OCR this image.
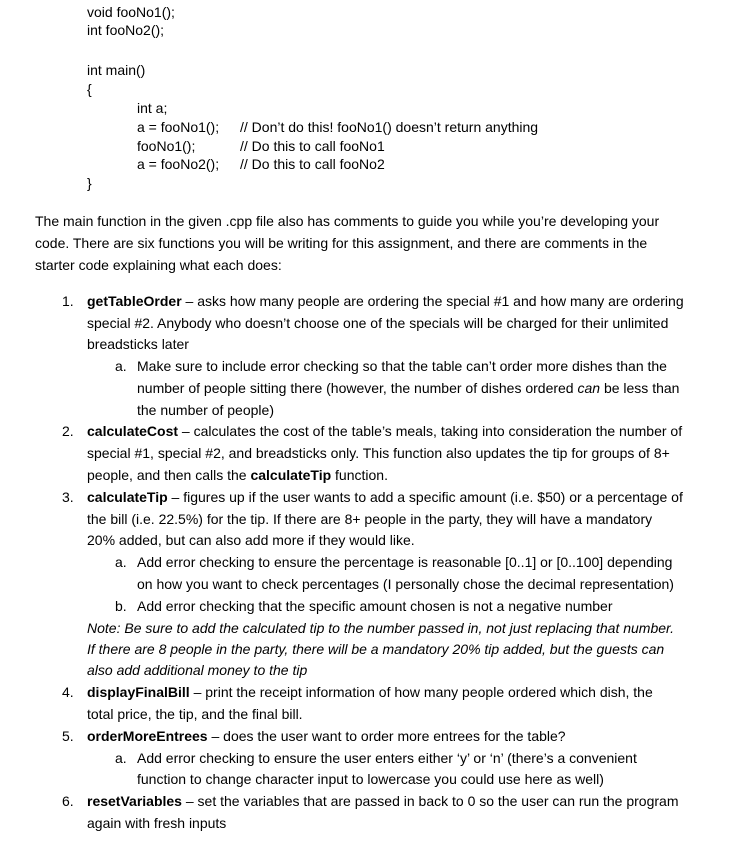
void fooNo1();
int fooNo2();
int main()
{
int a;
a = fooNo1(); // Don’t do this! fooNo1() doesn’t return anything
fooNo1();	// Do this to call fooNo1
a = fooNo2(); // Do this to call fooNo2
}
The main function in the given .cpp file also has comments to guide you while you’re developing your
code. There are six functions you will be writing for this assignment, and there are comments in the
starter code explaining what each does:
1. getTableOrder – asks how many people are ordering the special #1 and how many are ordering
special #2. Anybody who doesn’t choose one of the specials will be charged for their unlimited
breadsticks later
a. Make sure to include error checking so that the table can’t order more dishes than the
number of people sitting there (however, the number of dishes ordered can be less than
the number of people)
2. calculateCost – calculates the cost of the table’s meals, taking into consideration the number of
special #1, special #2, and breadsticks only. This function also updates the tip for groups of 8+
people, and then calls the calculateTip function.
3. calculateTip – figures up if the user wants to add a specific amount (i.e. $50) or a percentage of
the bill (i.e. 22.5%) for the tip. If there are 8+ people in the party, they will have a mandatory
20% added, but can also add more if they would like.
a. Add error checking to ensure the percentage is reasonable [0..1] or [0..100] depending
on how you want to check percentages (I personally chose the decimal representation)
b. Add error checking that the specific amount chosen is not a negative number
Note: Be sure to add the calculated tip to the number passed in, not just replacing that number.
If there are 8 people in the party, there will be a mandatory 20% tip added, but the guests can
also add additional money to the tip
4. displayFinalBill – print the receipt information of how many people ordered which dish, the
total price, the tip, and the final bill.
5. orderMoreEntrees – does the user want to order more entrees for the table?
a. Add error checking to ensure the user enters either ‘y’ or ‘n’ (there’s a convenient
function to change character input to lowercase you could use here as well)
6. resetVariables – set the variables that are passed in back to 0 so the user can run the program
again with fresh inputs
